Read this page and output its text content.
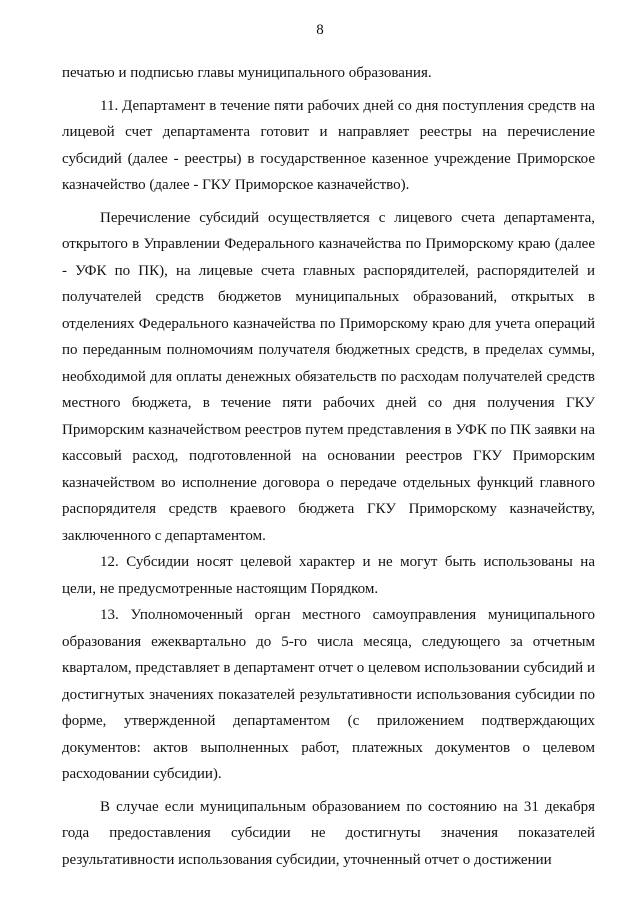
8

печатью и подписью главы муниципального образования.

11. Департамент в течение пяти рабочих дней со дня поступления средств на лицевой счет департамента готовит и направляет реестры на перечисление субсидий (далее - реестры) в государственное казенное учреждение Приморское казначейство (далее - ГКУ Приморское казначейство).

Перечисление субсидий осуществляется с лицевого счета департамента, открытого в Управлении Федерального казначейства по Приморскому краю (далее - УФК по ПК), на лицевые счета главных распорядителей, распорядителей и получателей средств бюджетов муниципальных образований, открытых в отделениях Федерального казначейства по Приморскому краю для учета операций по переданным полномочиям получателя бюджетных средств, в пределах суммы, необходимой для оплаты денежных обязательств по расходам получателей средств местного бюджета, в течение пяти рабочих дней со дня получения ГКУ Приморским казначейством реестров путем представления в УФК по ПК заявки на кассовый расход, подготовленной на основании реестров ГКУ Приморским казначейством во исполнение договора о передаче отдельных функций главного распорядителя средств краевого бюджета ГКУ Приморскому казначейству, заключенного с департаментом.

12. Субсидии носят целевой характер и не могут быть использованы на цели, не предусмотренные настоящим Порядком.

13. Уполномоченный орган местного самоуправления муниципального образования ежеквартально до 5-го числа месяца, следующего за отчетным кварталом, представляет в департамент отчет о целевом использовании субсидий и достигнутых значениях показателей результативности использования субсидии по форме, утвержденной департаментом (с приложением подтверждающих документов: актов выполненных работ, платежных документов о целевом расходовании субсидии).

В случае если муниципальным образованием по состоянию на 31 декабря года предоставления субсидии не достигнуты значения показателей результативности использования субсидии, уточненный отчет о достижении
